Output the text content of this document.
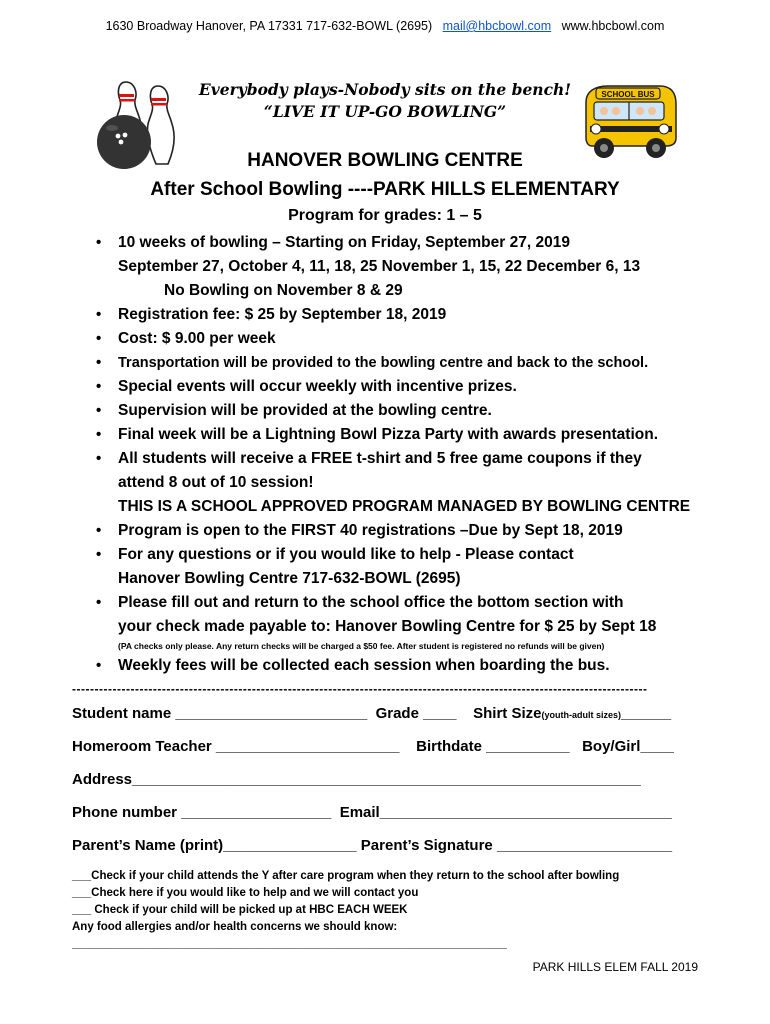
1630 Broadway Hanover, PA 17331 717-632-BOWL (2695) mail@hbcbowl.com www.hbcbowl.com
SCHOOL BUS
Everybody plays-Nobody sits on the bench!
“LIVE IT UP-GO BOWLING”
HANOVER BOWLING CENTRE
After School Bowling ----PARK HILLS ELEMENTARY
Program for grades: 1 – 5
• 10 weeks of bowling – Starting on Friday, September 27, 2019
September 27, October 4, 11, 18, 25 November 1, 15, 22 December 6, 13
No Bowling on November 8 & 29
• Registration fee: $ 25 by September 18, 2019
• Cost: $ 9.00 per week
• Transportation will be provided to the bowling centre and back to the school.
• Special events will occur weekly with incentive prizes.
• Supervision will be provided at the bowling centre.
• Final week will be a Lightning Bowl Pizza Party with awards presentation.
• All students will receive a FREE t-shirt and 5 free game coupons if they
attend 8 out of 10 session!
THIS IS A SCHOOL APPROVED PROGRAM MANAGED BY BOWLING CENTRE
• Program is open to the FIRST 40 registrations –Due by Sept 18, 2019
• For any questions or if you would like to help - Please contact
Hanover Bowling Centre 717-632-BOWL (2695)
• Please fill out and return to the school office the bottom section with
your check made payable to: Hanover Bowling Centre for $ 25 by Sept 18
(PA checks only please. Any return checks will be charged a $50 fee. After student is registered no refunds will be given)
• Weekly fees will be collected each session when boarding the bus.
--------------------------------------------------------------------------------------------------------------------------------
Student name _______________________ Grade ____ Shirt Size(youth-adult sizes)______
Homeroom Teacher ______________________ Birthdate __________ Boy/Girl____
Address_____________________________________________________________
Phone number __________________ Email___________________________________
Parent’s Name (print)________________ Parent’s Signature _____________________
___Check if your child attends the Y after care program when they return to the school after bowling
___Check here if you would like to help and we will contact you
___ Check if your child will be picked up at HBC EACH WEEK
Any food allergies and/or health concerns we should know:
____________________________________________________________________
PARK HILLS ELEM FALL 2019
